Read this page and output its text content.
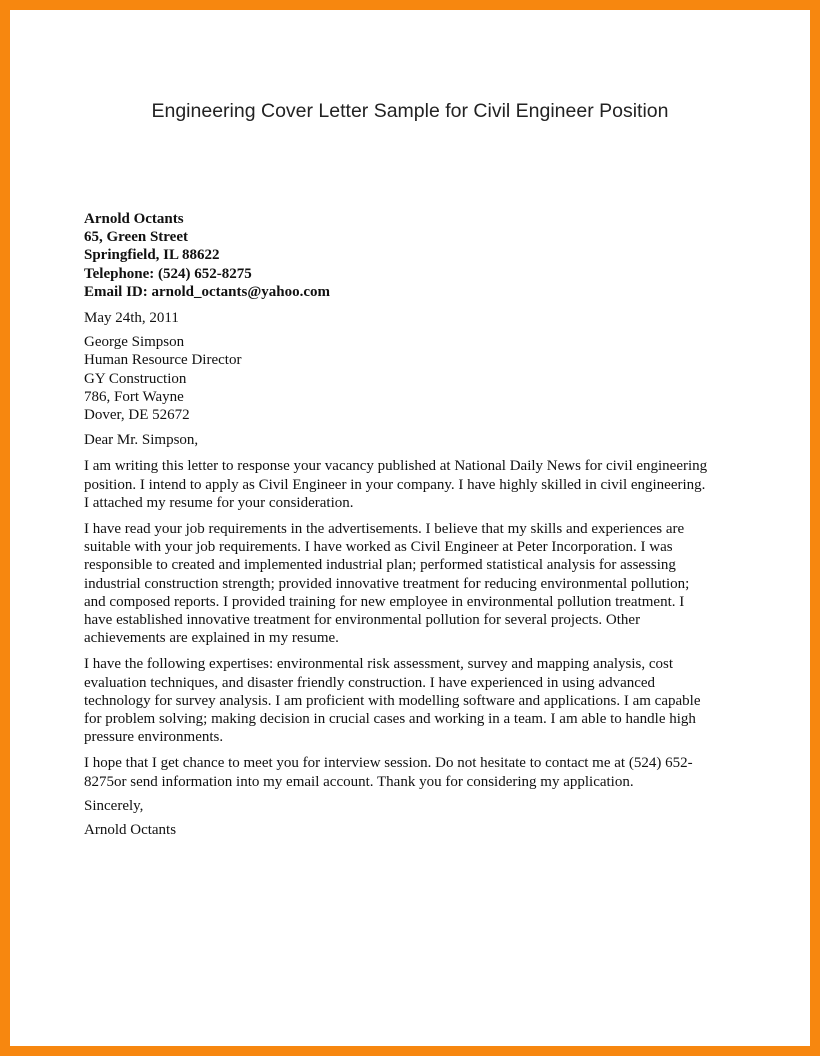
Engineering Cover Letter Sample for Civil Engineer Position
Arnold Octants
65, Green Street
Springfield, IL 88622
Telephone: (524) 652-8275
Email ID: arnold_octants@yahoo.com
May 24th, 2011
George Simpson
Human Resource Director
GY Construction
786, Fort Wayne
Dover, DE 52672
Dear Mr. Simpson,
I am writing this letter to response your vacancy published at National Daily News for civil engineering
position. I intend to apply as Civil Engineer in your company. I have highly skilled in civil engineering.
I attached my resume for your consideration.
I have read your job requirements in the advertisements. I believe that my skills and experiences are
suitable with your job requirements. I have worked as Civil Engineer at Peter Incorporation. I was
responsible to created and implemented industrial plan; performed statistical analysis for assessing
industrial construction strength; provided innovative treatment for reducing environmental pollution;
and composed reports. I provided training for new employee in environmental pollution treatment. I
have established innovative treatment for environmental pollution for several projects. Other
achievements are explained in my resume.
I have the following expertises: environmental risk assessment, survey and mapping analysis, cost
evaluation techniques, and disaster friendly construction. I have experienced in using advanced
technology for survey analysis. I am proficient with modelling software and applications. I am capable
for problem solving; making decision in crucial cases and working in a team. I am able to handle high
pressure environments.
I hope that I get chance to meet you for interview session. Do not hesitate to contact me at (524) 652-
8275or send information into my email account. Thank you for considering my application.
Sincerely,
Arnold Octants
